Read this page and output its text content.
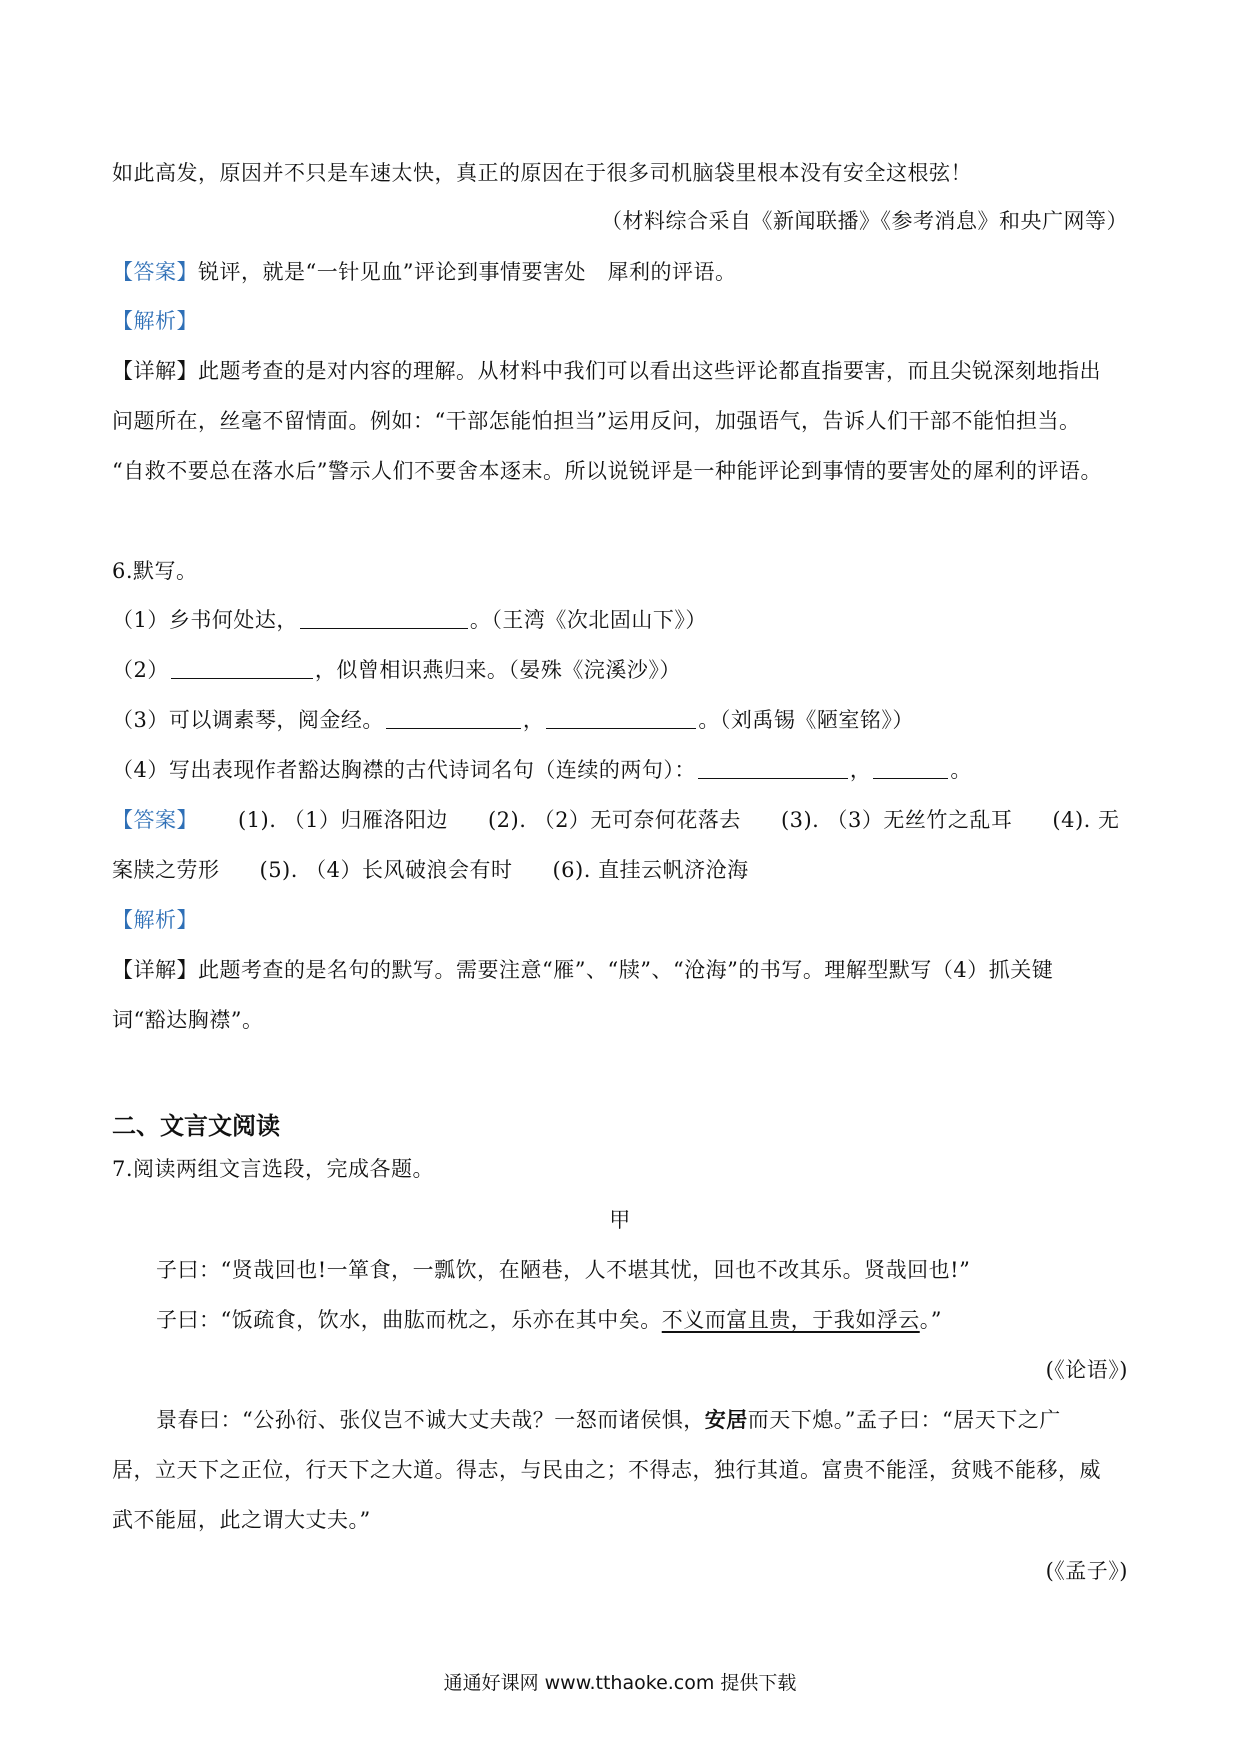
如此高发，原因并不只是车速太快，真正的原因在于很多司机脑袋里根本没有安全这根弦！
（材料综合采自《新闻联播》《参考消息》和央广网等）
【答案】锐评，就是“一针见血”评论到事情要害处　犀利的评语。
【解析】
【详解】此题考查的是对内容的理解。从材料中我们可以看出这些评论都直指要害，而且尖锐深刻地指出
问题所在，丝毫不留情面。例如：“干部怎能怕担当”运用反问，加强语气，告诉人们干部不能怕担当。
“自救不要总在落水后”警示人们不要舍本逐末。所以说锐评是一种能评论到事情的要害处的犀利的评语。
6.默写。
（1）乡书何处达，	。（王湾《次北固山下》）
（2）	，似曾相识燕归来。（晏殊《浣溪沙》）
（3）可以调素琴，阅金经。	，	。（刘禹锡《陋室铭》）
（4）写出表现作者豁达胸襟的古代诗词名句（连续的两句）：	，	。
【答案】 (1). （1）归雁洛阳边 (2). （2）无可奈何花落去 (3). （3）无丝竹之乱耳 (4). 无
案牍之劳形 (5). （4）长风破浪会有时 (6). 直挂云帆济沧海
【解析】
【详解】此题考查的是名句的默写。需要注意“雁”、“牍”、“沧海”的书写。理解型默写（4）抓关键
词“豁达胸襟”。
二、文言文阅读
7.阅读两组文言选段，完成各题。
甲
子曰：“贤哉回也!一箪食，一瓢饮，在陋巷，人不堪其忧，回也不改其乐。贤哉回也!”
子曰：“饭疏食，饮水，曲肱而枕之，乐亦在其中矣。不义而富且贵，于我如浮云。”
(《论语》)
景春曰：“公孙衍、张仪岂不诚大丈夫哉？一怒而诸侯惧，安居而天下熄。”孟子曰：“居天下之广
居，立天下之正位，行天下之大道。得志，与民由之；不得志，独行其道。富贵不能淫，贫贱不能移，威
武不能屈，此之谓大丈夫。”
(《孟子》)
通通好课网 www.tthaoke.com 提供下载
